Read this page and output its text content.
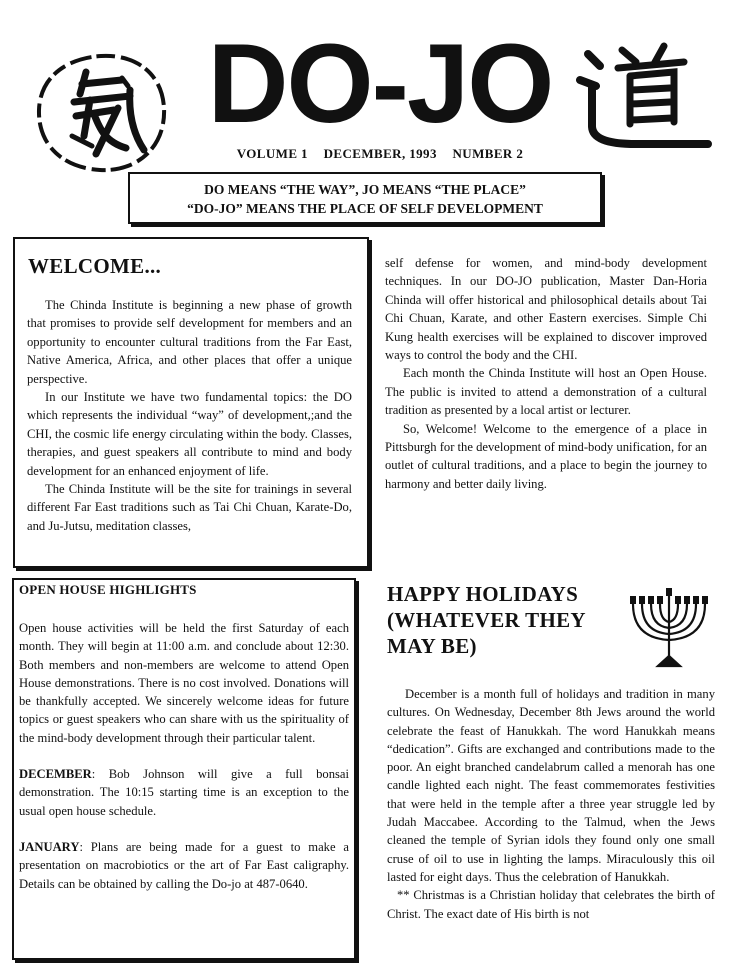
DO-JO
VOLUME 1 DECEMBER, 1993 NUMBER 2
DO MEANS “THE WAY”, JO MEANS “THE PLACE”
“DO-JO” MEANS THE PLACE OF SELF DEVELOPMENT
WELCOME...

The Chinda Institute is beginning a new phase of growth that promises to provide self development for members and an opportunity to encounter cultural traditions from the Far East, Native America, Africa, and other places that offer a unique perspective.

In our Institute we have two fundamental topics: the DO which represents the individual “way” of development,;and the CHI, the cosmic life energy circulating within the body. Classes, therapies, and guest speakers all contribute to mind and body development for an enhanced enjoyment of life.

The Chinda Institute will be the site for trainings in several different Far East traditions such as Tai Chi Chuan, Karate-Do, and Ju-Jutsu, meditation classes,

self defense for women, and mind-body development techniques. In our DO-JO publication, Master Dan-Horia Chinda will offer historical and philosophical details about Tai Chi Chuan, Karate, and other Eastern exercises. Simple Chi Kung health exercises will be explained to discover improved ways to control the body and the CHI.

Each month the Chinda Institute will host an Open House. The public is invited to attend a demonstration of a cultural tradition as presented by a local artist or lecturer.

So, Welcome! Welcome to the emergence of a place in Pittsburgh for the development of mind-body unification, for an outlet of cultural traditions, and a place to begin the journey to harmony and better daily living.

OPEN HOUSE HIGHLIGHTS

Open house activities will be held the first Saturday of each month. They will begin at 11:00 a.m. and conclude about 12:30. Both members and non-members are welcome to attend Open House demonstrations. There is no cost involved. Donations will be thankfully accepted. We sincerely welcome ideas for future topics or guest speakers who can share with us the spirituality of the mind-body development through their particular talent.

DECEMBER: Bob Johnson will give a full bonsai demonstration. The 10:15 starting time is an exception to the usual open house schedule.

JANUARY: Plans are being made for a guest to make a presentation on macrobiotics or the art of Far East caligraphy. Details can be obtained by calling the Do-jo at 487-0640.

HAPPY HOLIDAYS (WHATEVER THEY MAY BE)

December is a month full of holidays and tradition in many cultures. On Wednesday, December 8th Jews around the world celebrate the feast of Hanukkah. The word Hanukkah means “dedication”. Gifts are exchanged and contributions made to the poor. An eight branched candelabrum called a menorah has one candle lighted each night. The feast commemorates festivities that were held in the temple after a three year struggle led by Judah Maccabee. According to the Talmud, when the Jews cleaned the temple of Syrian idols they found only one small cruse of oil to use in lighting the lamps. Miraculously this oil lasted for eight days. Thus the celebration of Hanukkah.

** Christmas is a Christian holiday that celebrates the birth of Christ. The exact date of His birth is not
